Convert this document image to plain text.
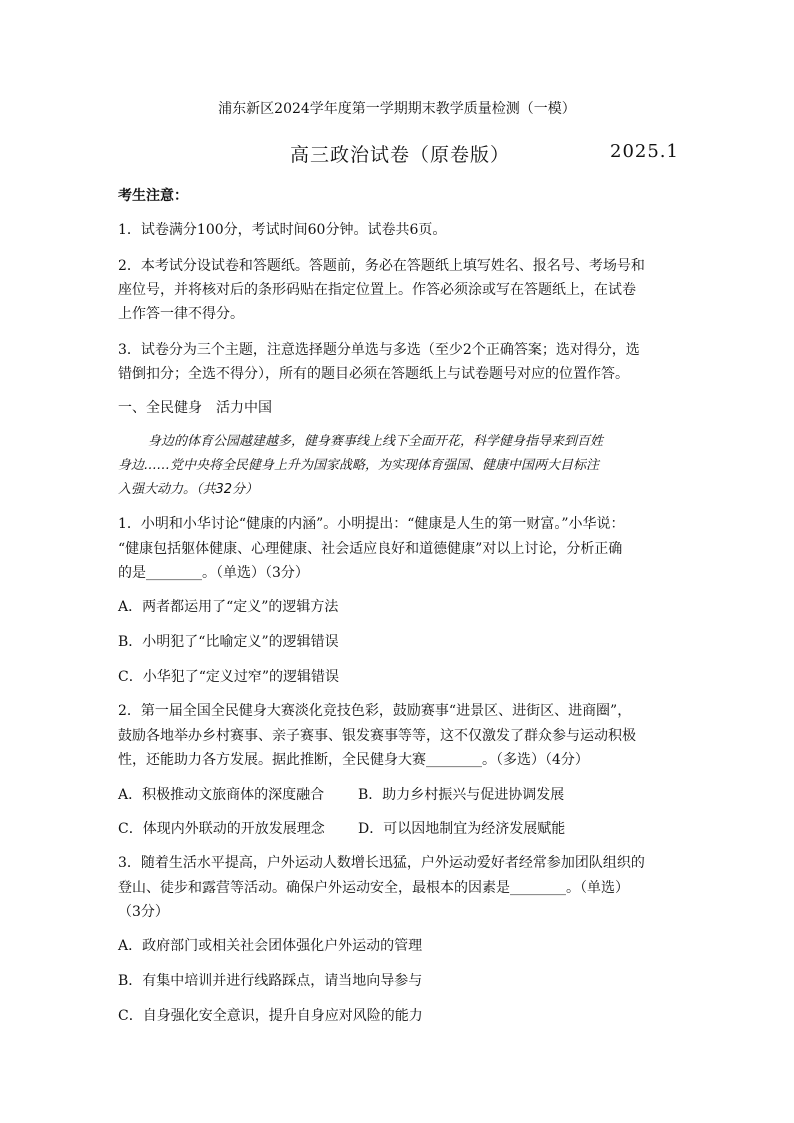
浦东新区2024学年度第一学期期末教学质量检测（一模）
高三政治试卷（原卷版）	2025.1
考生注意：
1．试卷满分100分，考试时间60分钟。试卷共6页。
2．本考试分设试卷和答题纸。答题前，务必在答题纸上填写姓名、报名号、考场号和
座位号，并将核对后的条形码贴在指定位置上。作答必须涂或写在答题纸上，在试卷
上作答一律不得分。
3．试卷分为三个主题，注意选择题分单选与多选（至少2个正确答案；选对得分，选
错倒扣分；全选不得分），所有的题目必须在答题纸上与试卷题号对应的位置作答。
一、全民健身　活力中国
身边的体育公园越建越多，健身赛事线上线下全面开花，科学健身指导来到百姓
身边……党中央将全民健身上升为国家战略，为实现体育强国、健康中国两大目标注
入强大动力。（共32分）
1．小明和小华讨论“健康的内涵”。小明提出：“健康是人生的第一财富。”小华说：
“健康包括躯体健康、心理健康、社会适应良好和道德健康”对以上讨论，分析正确
的是________。（单选）（3分）
A．两者都运用了“定义”的逻辑方法
B．小明犯了“比喻定义”的逻辑错误
C．小华犯了“定义过窄”的逻辑错误
2．第一届全国全民健身大赛淡化竞技色彩，鼓励赛事“进景区、进街区、进商圈”，
鼓励各地举办乡村赛事、亲子赛事、银发赛事等等，这不仅激发了群众参与运动积极
性，还能助力各方发展。据此推断，全民健身大赛________。（多选）（4分）
A．积极推动文旅商体的深度融合 B．助力乡村振兴与促进协调发展
C．体现内外联动的开放发展理念 D．可以因地制宜为经济发展赋能
3．随着生活水平提高，户外运动人数增长迅猛，户外运动爱好者经常参加团队组织的
登山、徒步和露营等活动。确保户外运动安全，最根本的因素是________。（单选）
（3分）
A．政府部门或相关社会团体强化户外运动的管理
B．有集中培训并进行线路踩点，请当地向导参与
C．自身强化安全意识，提升自身应对风险的能力
